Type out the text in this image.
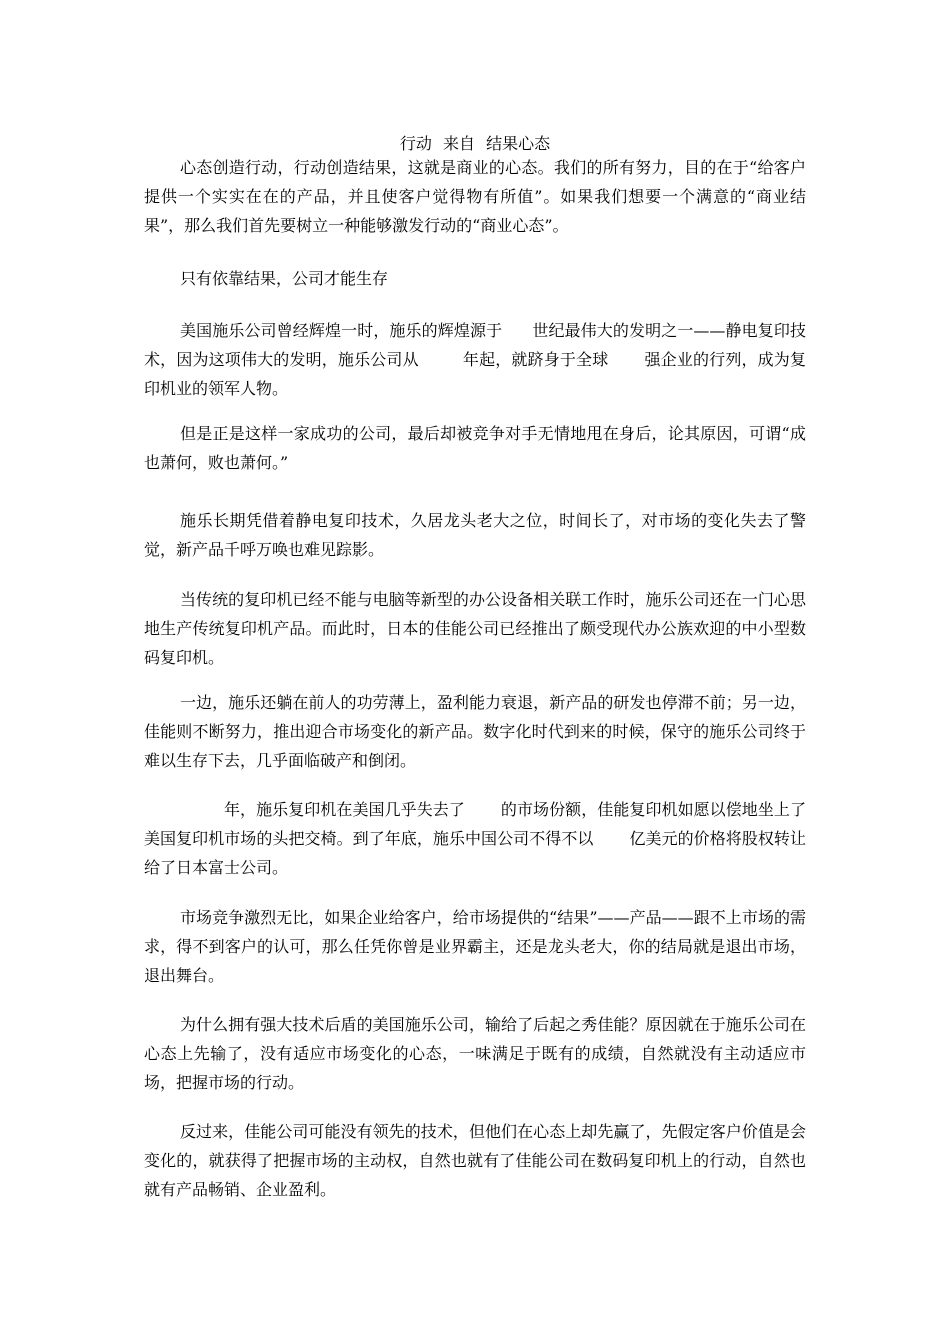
行动 来自 结果心态

心态创造行动，行动创造结果，这就是商业的心态。我们的所有努力，目的在于“给客户提供一个实实在在的产品，并且使客户觉得物有所值”。如果我们想要一个满意的“商业结果”，那么我们首先要树立一种能够激发行动的“商业心态”。

只有依靠结果，公司才能生存

美国施乐公司曾经辉煌一时，施乐的辉煌源于 世纪最伟大的发明之一——静电复印技术，因为这项伟大的发明，施乐公司从	年起，就跻身于全球 强企业的行列，成为复印机业的领军人物。

但是正是这样一家成功的公司，最后却被竞争对手无情地甩在身后，论其原因，可谓“成也萧何，败也萧何。”

施乐长期凭借着静电复印技术，久居龙头老大之位，时间长了，对市场的变化失去了警觉，新产品千呼万唤也难见踪影。

当传统的复印机已经不能与电脑等新型的办公设备相关联工作时，施乐公司还在一门心思地生产传统复印机产品。而此时，日本的佳能公司已经推出了颇受现代办公族欢迎的中小型数码复印机。

一边，施乐还躺在前人的功劳薄上，盈利能力衰退，新产品的研发也停滞不前；另一边，佳能则不断努力，推出迎合市场变化的新产品。数字化时代到来的时候，保守的施乐公司终于难以生存下去，几乎面临破产和倒闭。

年，施乐复印机在美国几乎失去了 的市场份额，佳能复印机如愿以偿地坐上了美国复印机市场的头把交椅。到了年底，施乐中国公司不得不以 亿美元的价格将股权转让给了日本富士公司。

市场竞争激烈无比，如果企业给客户，给市场提供的“结果”——产品——跟不上市场的需求，得不到客户的认可，那么任凭你曾是业界霸主，还是龙头老大，你的结局就是退出市场，退出舞台。

为什么拥有强大技术后盾的美国施乐公司，输给了后起之秀佳能？原因就在于施乐公司在心态上先输了，没有适应市场变化的心态，一味满足于既有的成绩，自然就没有主动适应市场，把握市场的行动。

反过来，佳能公司可能没有领先的技术，但他们在心态上却先赢了，先假定客户价值是会变化的，就获得了把握市场的主动权，自然也就有了佳能公司在数码复印机上的行动，自然也就有产品畅销、企业盈利。
